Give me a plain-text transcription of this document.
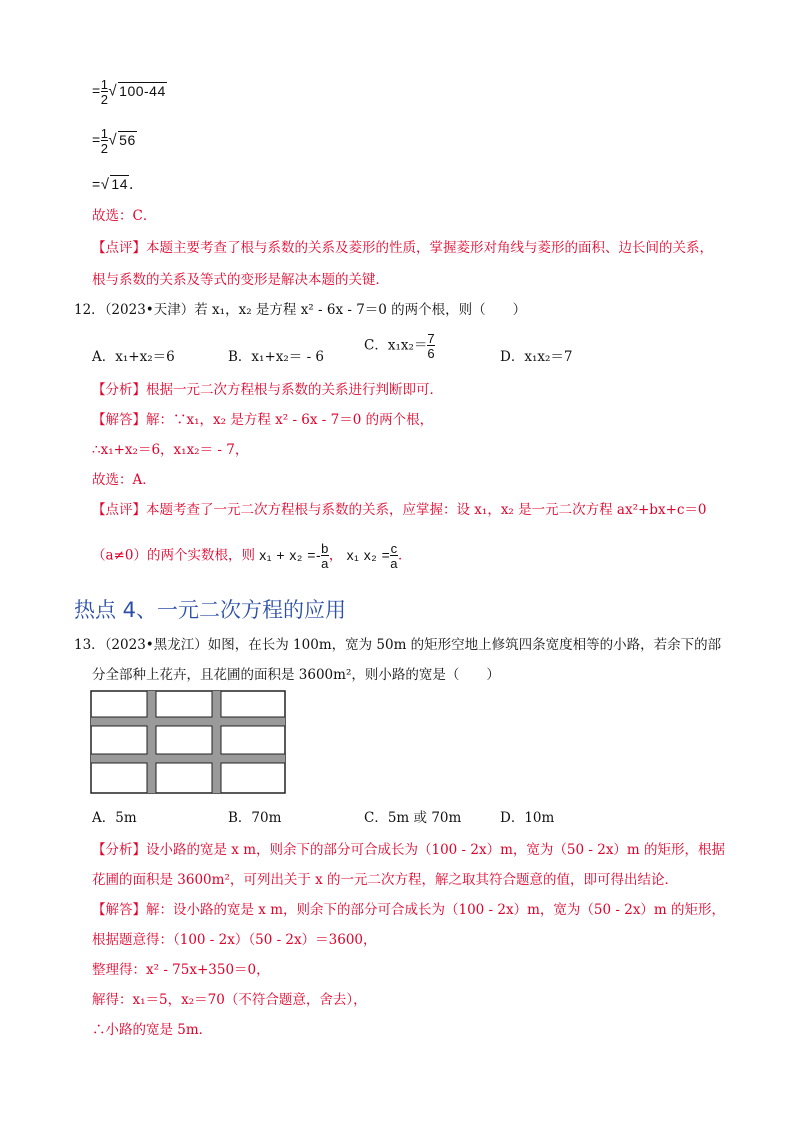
= $\frac{1}{2}$ √ 100-44
= $\frac{1}{2}$ √ 56
=√ 14．
故选：C．
【点评】本题主要考查了根与系数的关系及菱形的性质，掌握菱形对角线与菱形的面积、边长间的关系，
根与系数的关系及等式的变形是解决本题的关键．
12．（2023•天津）若 x₁，x₂ 是方程 x² - 6x - 7＝0 的两个根，则（　　）
A．x₁+x₂＝6	B．x₁+x₂＝ - 6
C．$x_1x_2= \frac{7}{6}$	D．x₁x₂＝7
【分析】根据一元二次方程根与系数的关系进行判断即可．
【解答】解：∵x₁，x₂ 是方程 x² - 6x - 7＝0 的两个根，
∴x₁+x₂＝6，x₁x₂＝ - 7，
故选：A．
【点评】本题考查了一元二次方程根与系数的关系，应掌握：设 x₁，x₂ 是一元二次方程 ax²+bx+c＝0
（a≠0）的两个实数根，则 $x_1 + x_2 =- \frac{b}{a}$ ， x₁ $x_2 = \frac{c}{a}$ ．
热点 4、一元二次方程的应用
13．（2023•黑龙江）如图，在长为 100m，宽为 50m 的矩形空地上修筑四条宽度相等的小路，若余下的部
分全部种上花卉，且花圃的面积是 3600m²，则小路的宽是（　　）
A．5m	B．70m	C．5m 或 70m	D．10m
【分析】设小路的宽是 x m，则余下的部分可合成长为（100 - 2x）m，宽为（50 - 2x）m 的矩形，根据
花圃的面积是 3600m²，可列出关于 x 的一元二次方程，解之取其符合题意的值，即可得出结论．
【解答】解：设小路的宽是 x m，则余下的部分可合成长为（100 - 2x）m，宽为（50 - 2x）m 的矩形，
根据题意得：（100 - 2x）（50 - 2x）＝3600，
整理得：x² - 75x+350＝0，
解得：x₁＝5，x₂＝70（不符合题意，舍去），
∴小路的宽是 5m．
